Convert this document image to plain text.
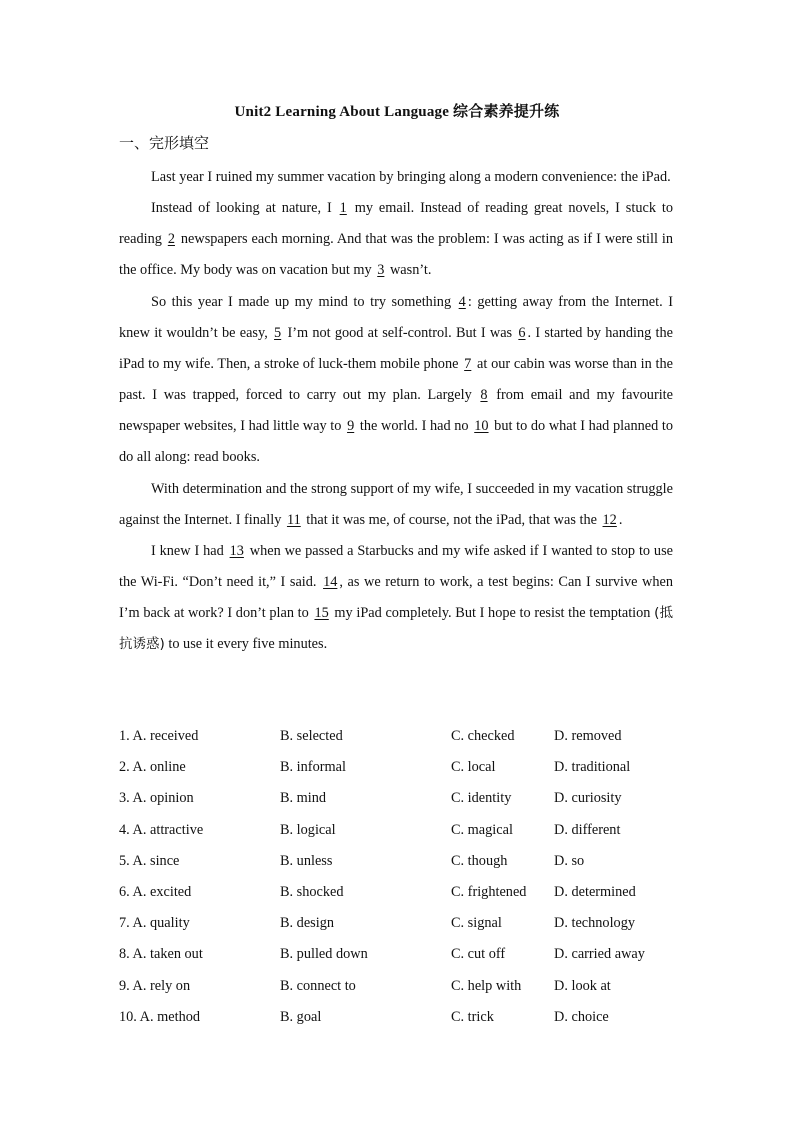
Unit2 Learning About Language 综合素养提升练
一、完形填空

Last year I ruined my summer vacation by bringing along a modern convenience: the iPad.

Instead of looking at nature, I 1 my email. Instead of reading great novels, I stuck to reading 2 newspapers each morning. And that was the problem: I was acting as if I were still in the office. My body was on vacation but my 3 wasn’t.

So this year I made up my mind to try something 4 : getting away from the Internet. I knew it wouldn’t be easy, 5 I’m not good at self-control. But I was 6 . I started by handing the iPad to my wife. Then, a stroke of luck-them mobile phone 7 at our cabin was worse than in the past. I was trapped, forced to carry out my plan. Largely 8 from email and my favourite newspaper websites, I had little way to 9 the world. I had no 10 but to do what I had planned to do all along: read books.

With determination and the strong support of my wife, I succeeded in my vacation struggle against the Internet. I finally 11 that it was me, of course, not the iPad, that was the 12 .

I knew I had 13 when we passed a Starbucks and my wife asked if I wanted to stop to use the Wi-Fi. “Don’t need it,” I said. 14 , as we return to work, a test begins: Can I survive when I’m back at work? I don’t plan to 15 my iPad completely. But I hope to resist the temptation (抵抗诱惑) to use it every five minutes.

1. A. received	B. selected	C. checked	D. removed
2. A. online	B. informal	C. local	D. traditional
3. A. opinion	B. mind	C. identity	D. curiosity
4. A. attractive	B. logical	C. magical	D. different
5. A. since	B. unless	C. though	D. so
6. A. excited	B. shocked	C. frightened D. determined
7. A. quality	B. design	C. signal	D. technology
8. A. taken out	B. pulled down	C. cut off	D. carried away
9. A. rely on	B. connect to	C. help with D. look at
10. A. method	B. goal	C. trick	D. choice
